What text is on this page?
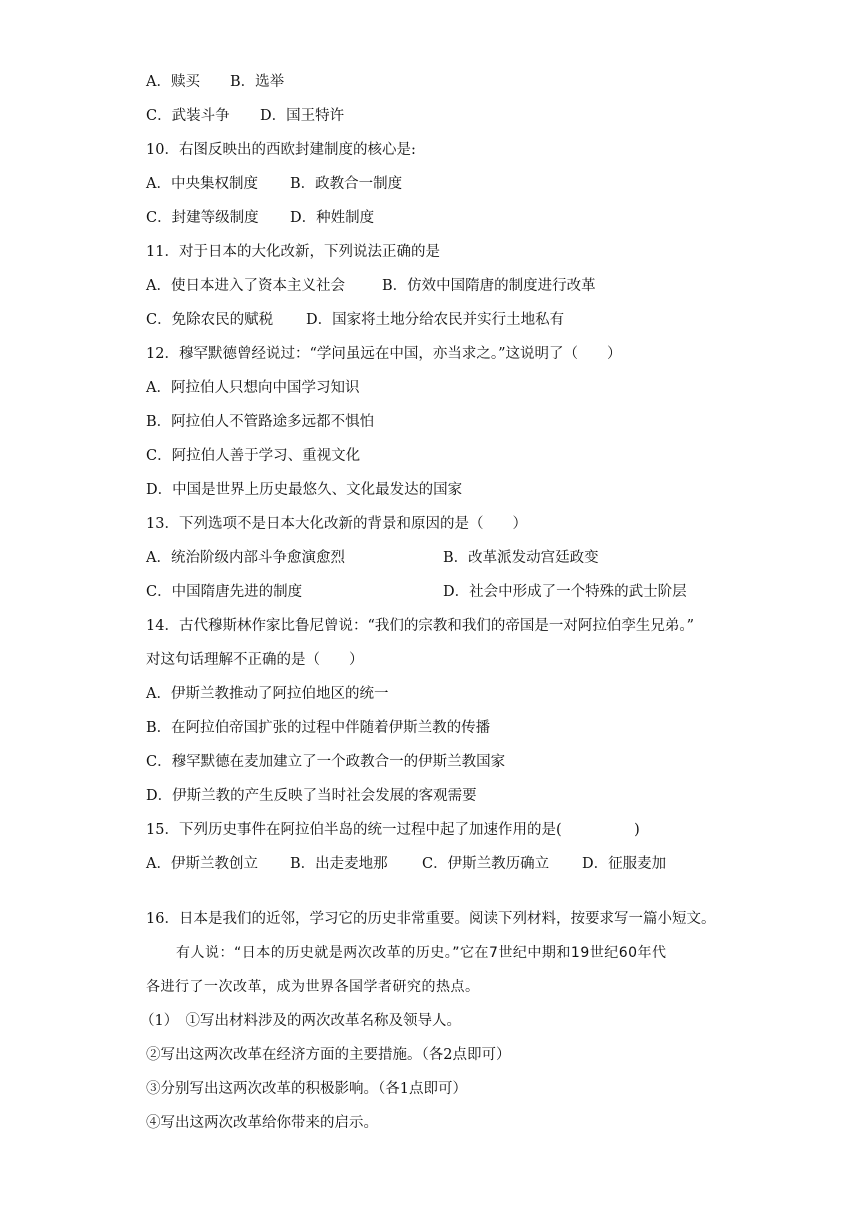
A．赎买 B．选举
C．武装斗争 D．国王特许
10．右图反映出的西欧封建制度的核心是:
A．中央集权制度 B．政教合一制度
C．封建等级制度 D．种姓制度
11．对于日本的大化改新，下列说法正确的是
A．使日本进入了资本主义社会	B．仿效中国隋唐的制度进行改革
C．免除农民的赋税 D．国家将土地分给农民并实行土地私有
12．穆罕默德曾经说过：“学问虽远在中国，亦当求之。”这说明了（　　）
A．阿拉伯人只想向中国学习知识
B．阿拉伯人不管路途多远都不惧怕
C．阿拉伯人善于学习、重视文化
D．中国是世界上历史最悠久、文化最发达的国家
13．下列选项不是日本大化改新的背景和原因的是（　　）
A．统治阶级内部斗争愈演愈烈	B．改革派发动宫廷政变
C．中国隋唐先进的制度	D．社会中形成了一个特殊的武士阶层
14．古代穆斯林作家比鲁尼曾说：“我们的宗教和我们的帝国是一对阿拉伯孪生兄弟。”
对这句话理解不正确的是（　　）
A．伊斯兰教推动了阿拉伯地区的统一
B．在阿拉伯帝国扩张的过程中伴随着伊斯兰教的传播
C．穆罕默德在麦加建立了一个政教合一的伊斯兰教国家
D．伊斯兰教的产生反映了当时社会发展的客观需要
15．下列历史事件在阿拉伯半岛的统一过程中起了加速作用的是(　　　　　)
A．伊斯兰教创立 B．出走麦地那 C．伊斯兰教历确立 D．征服麦加
16．日本是我们的近邻，学习它的历史非常重要。阅读下列材料，按要求写一篇小短文。
有人说：“日本的历史就是两次改革的历史。”它在7世纪中期和19世纪60年代
各进行了一次改革，成为世界各国学者研究的热点。
（1）　①写出材料涉及的两次改革名称及领导人。
②写出这两次改革在经济方面的主要措施。（各2点即可）
③分别写出这两次改革的积极影响。（各1点即可）
④写出这两次改革给你带来的启示。
